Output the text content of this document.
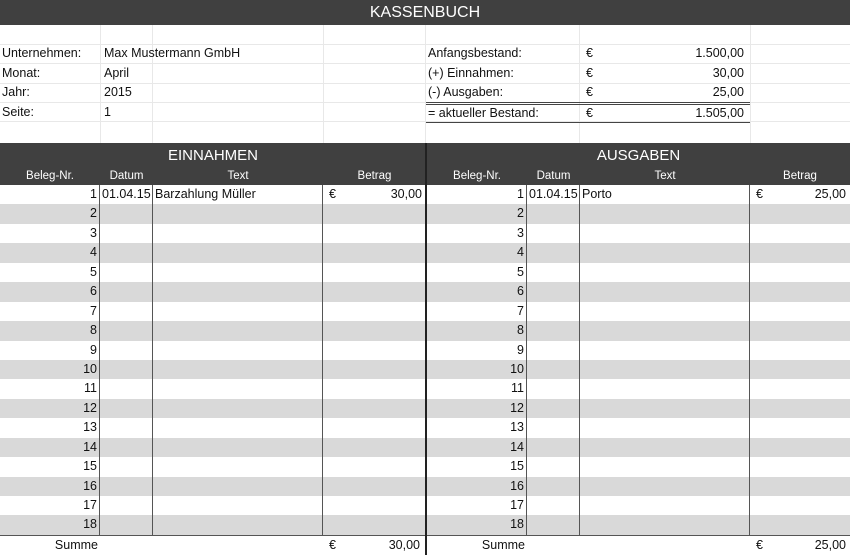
KASSENBUCH
Unternehmen: Max Mustermann GmbH
Monat:	April
Jahr:	2015
Seite:	1
Anfangsbestand:	€	1.500,00
(+) Einnahmen:	€	30,00
(-) Ausgaben:	€	25,00
= aktueller Bestand:	€	1.505,00
EINNAHMEN
Beleg-Nr.	Datum	Text	Betrag
1 01.04.15 Barzahlung Müller	€	30,00
2
3
4
5
6
7
8
9
10
11
12
13
14
15
16
17
18
Summe	€	30,00
AUSGABEN
Beleg-Nr.	Datum	Text	Betrag
1 01.04.15 Porto	€	25,00
2
3
4
5
6
7
8
9
10
11
12
13
14
15
16
17
18
Summe	€	25,00
